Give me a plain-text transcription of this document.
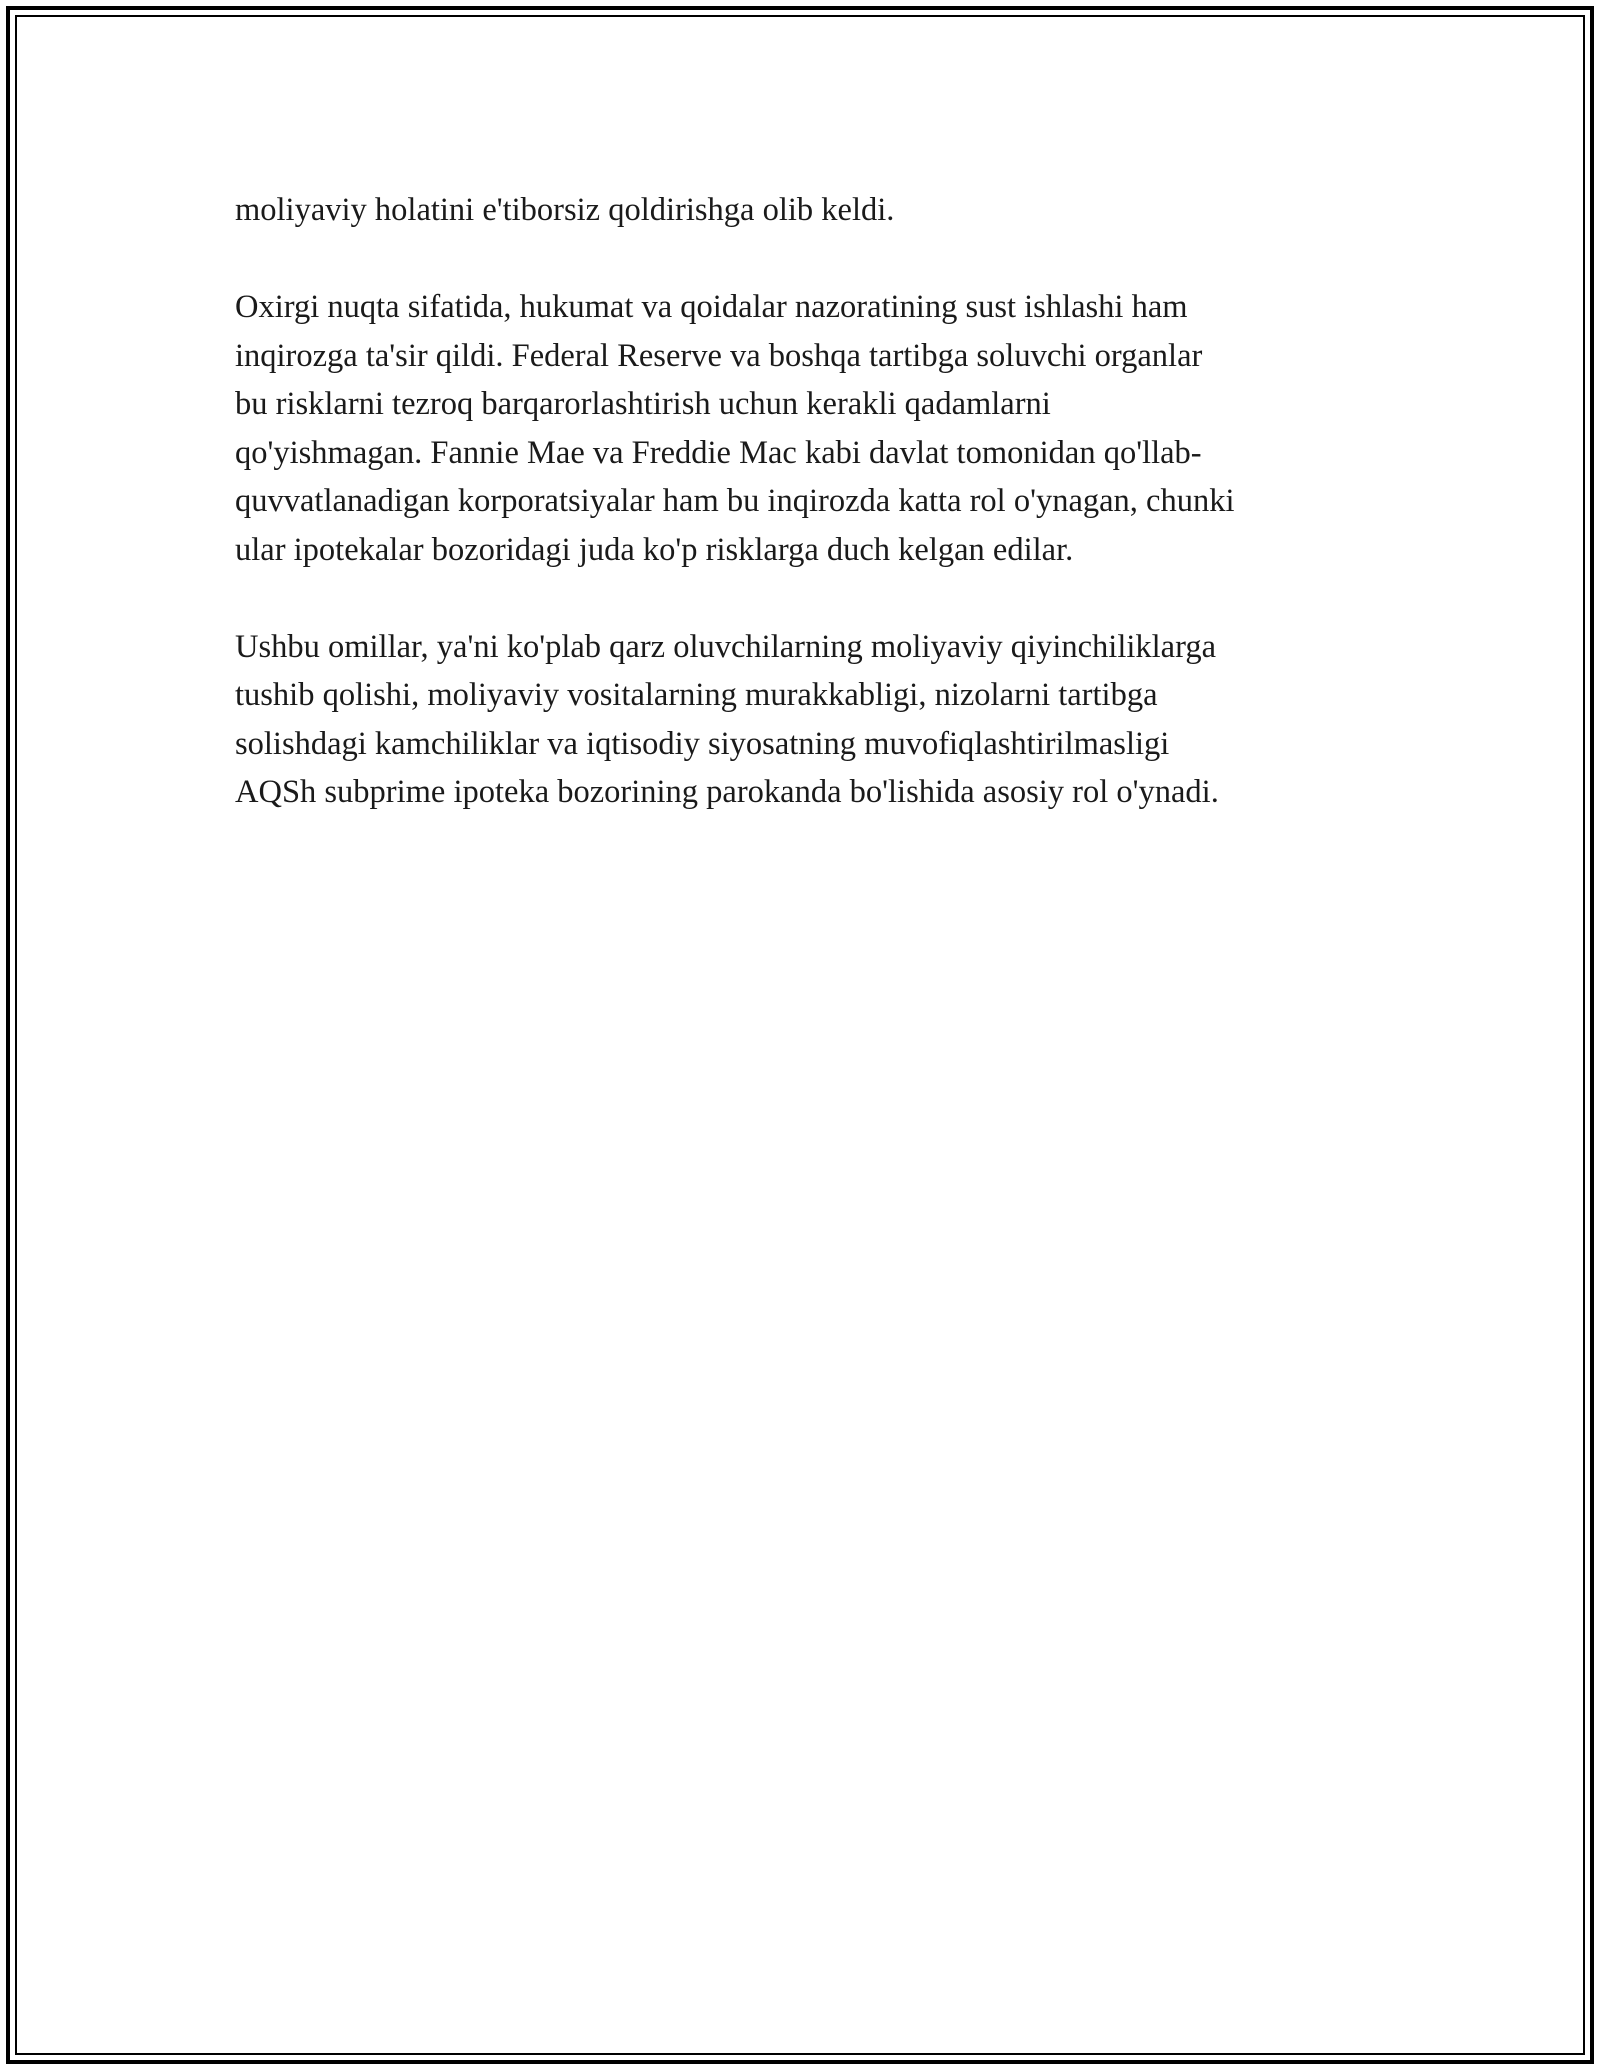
moliyaviy holatini e'tiborsiz qoldirishga olib keldi.

Oxirgi nuqta sifatida, hukumat va qoidalar nazoratining sust ishlashi ham
inqirozga ta'sir qildi. Federal Reserve va boshqa tartibga soluvchi organlar
bu risklarni tezroq barqarorlashtirish uchun kerakli qadamlarni
qo'yishmagan. Fannie Mae va Freddie Mac kabi davlat tomonidan qo'llab-
quvvatlanadigan korporatsiyalar ham bu inqirozda katta rol o'ynagan, chunki
ular ipotekalar bozoridagi juda ko'p risklarga duch kelgan edilar.

Ushbu omillar, ya'ni ko'plab qarz oluvchilarning moliyaviy qiyinchiliklarga
tushib qolishi, moliyaviy vositalarning murakkabligi, nizolarni tartibga
solishdagi kamchiliklar va iqtisodiy siyosatning muvofiqlashtirilmasligi
AQSh subprime ipoteka bozorining parokanda bo'lishida asosiy rol o'ynadi.
